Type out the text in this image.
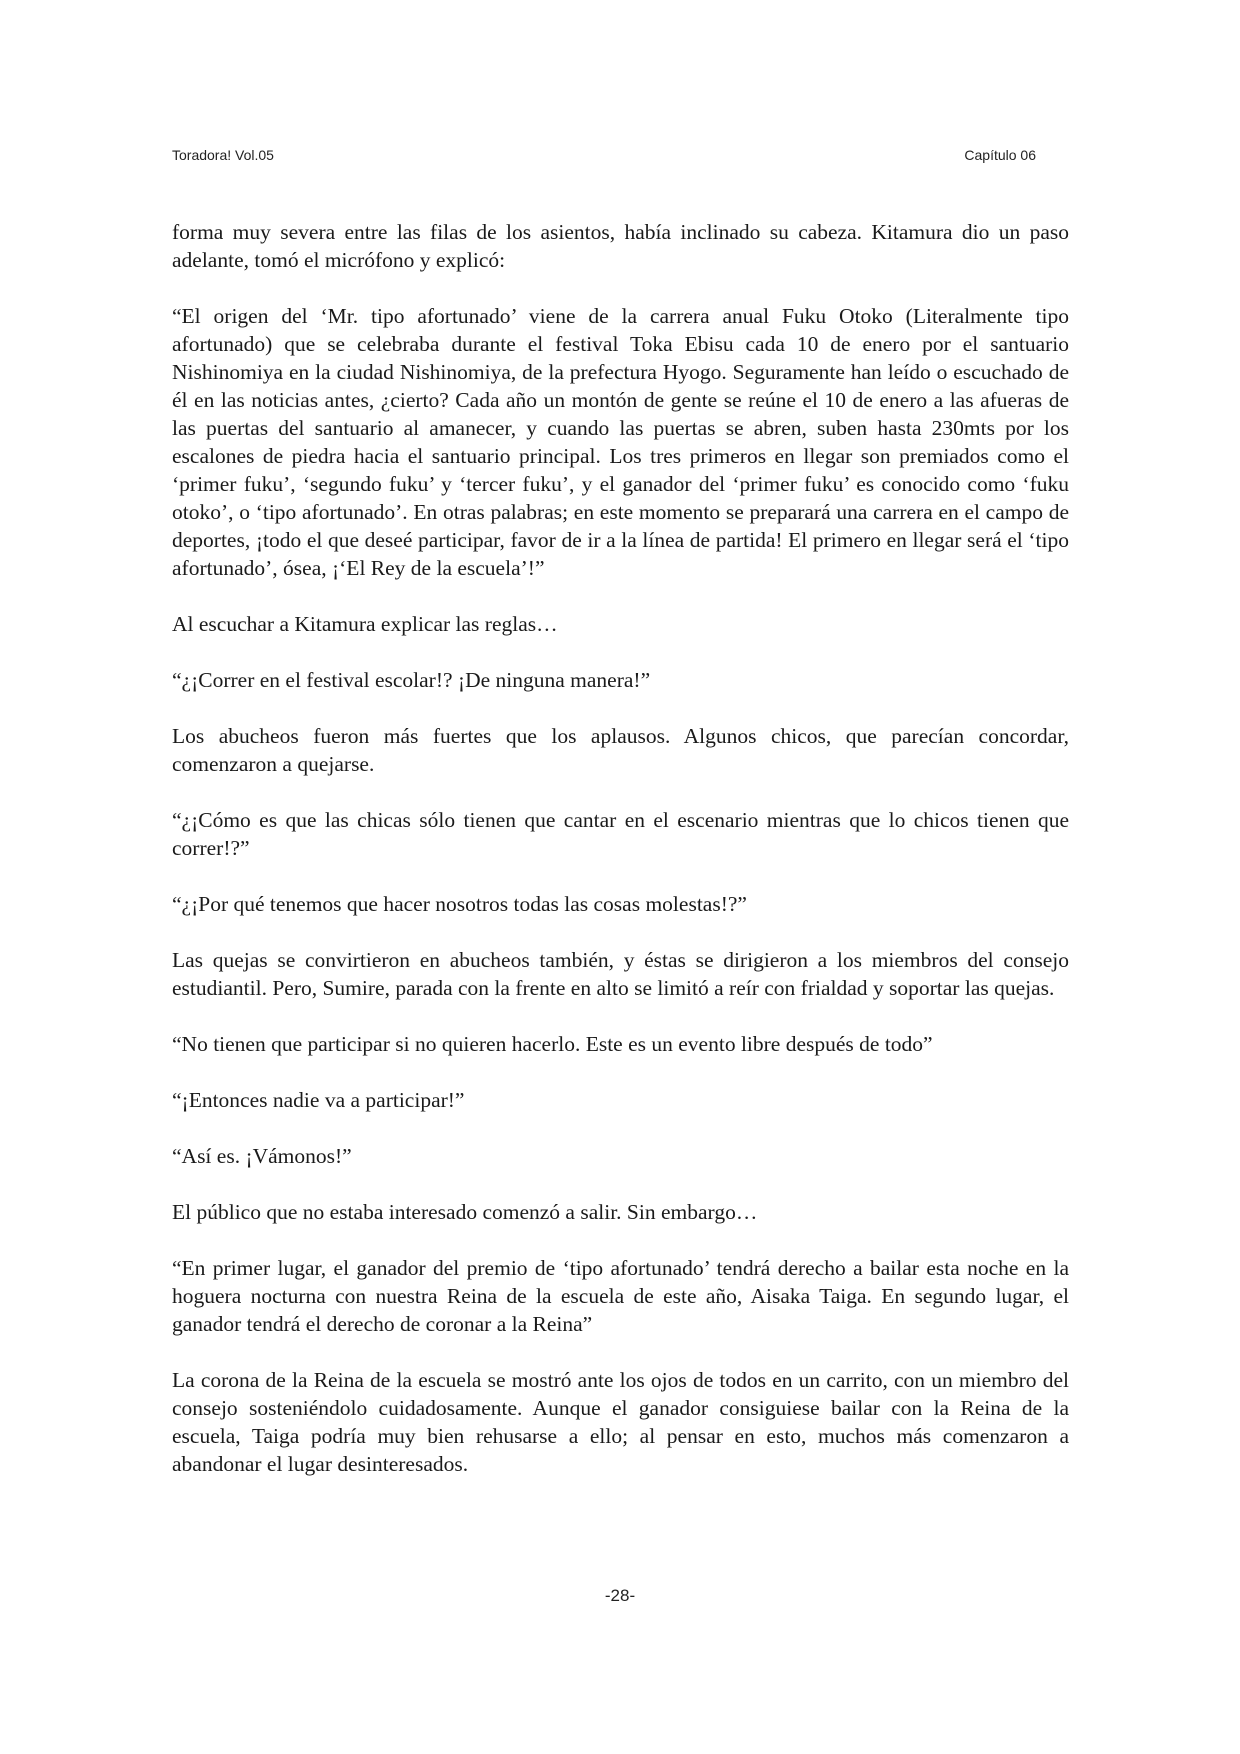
Toradora! Vol.05	Capítulo 06

forma muy severa entre las filas de los asientos, había inclinado su cabeza. Kitamura dio un paso adelante, tomó el micrófono y explicó:

“El origen del ‘Mr. tipo afortunado’ viene de la carrera anual Fuku Otoko (Literalmente tipo afortunado) que se celebraba durante el festival Toka Ebisu cada 10 de enero por el santuario Nishinomiya en la ciudad Nishinomiya, de la prefectura Hyogo. Seguramente han leído o escuchado de él en las noticias antes, ¿cierto? Cada año un montón de gente se reúne el 10 de enero a las afueras de las puertas del santuario al amanecer, y cuando las puertas se abren, suben hasta 230mts por los escalones de piedra hacia el santuario principal. Los tres primeros en llegar son premiados como el ‘primer fuku’, ‘segundo fuku’ y ‘tercer fuku’, y el ganador del ‘primer fuku’ es conocido como ‘fuku otoko’, o ‘tipo afortunado’. En otras palabras; en este momento se preparará una carrera en el campo de deportes, ¡todo el que deseé participar, favor de ir a la línea de partida! El primero en llegar será el ‘tipo afortunado’, ósea, ¡‘El Rey de la escuela’!”

Al escuchar a Kitamura explicar las reglas…

“¿¡Correr en el festival escolar!? ¡De ninguna manera!”

Los abucheos fueron más fuertes que los aplausos. Algunos chicos, que parecían concordar, comenzaron a quejarse.

“¿¡Cómo es que las chicas sólo tienen que cantar en el escenario mientras que lo chicos tienen que correr!?”

“¿¡Por qué tenemos que hacer nosotros todas las cosas molestas!?”

Las quejas se convirtieron en abucheos también, y éstas se dirigieron a los miembros del consejo estudiantil. Pero, Sumire, parada con la frente en alto se limitó a reír con frialdad y soportar las quejas.

“No tienen que participar si no quieren hacerlo. Este es un evento libre después de todo”

“¡Entonces nadie va a participar!”

“Así es. ¡Vámonos!”

El público que no estaba interesado comenzó a salir. Sin embargo…

“En primer lugar, el ganador del premio de ‘tipo afortunado’ tendrá derecho a bailar esta noche en la hoguera nocturna con nuestra Reina de la escuela de este año, Aisaka Taiga. En segundo lugar, el ganador tendrá el derecho de coronar a la Reina”

La corona de la Reina de la escuela se mostró ante los ojos de todos en un carrito, con un miembro del consejo sosteniéndolo cuidadosamente. Aunque el ganador consiguiese bailar con la Reina de la escuela, Taiga podría muy bien rehusarse a ello; al pensar en esto, muchos más comenzaron a abandonar el lugar desinteresados.

-28-
